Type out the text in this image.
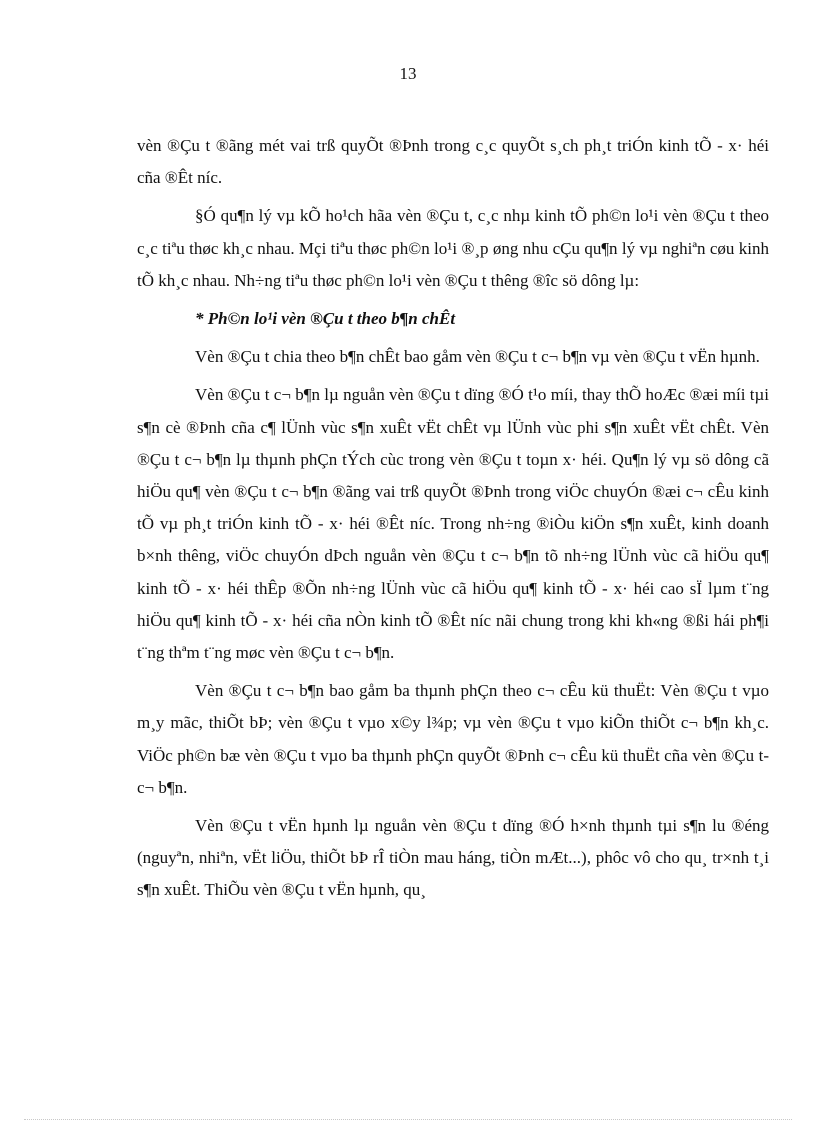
13

vèn ®Çu t ®ãng mét vai trß quyÕt ®Þnh trong c¸c quyÕt s¸ch ph¸t triÓn kinh tÕ - x· héi cña ®Êt níc.

§Ó qu¶n lý vµ kÕ ho¹ch hãa vèn ®Çu t, c¸c nhµ kinh tÕ ph©n lo¹i vèn ®Çu t theo c¸c tiªu thøc kh¸c nhau. Mçi tiªu thøc ph©n lo¹i ®¸p øng nhu cÇu qu¶n lý vµ nghiªn cøu kinh tÕ kh¸c nhau. Nh÷ng tiªu thøc ph©n lo¹i vèn ®Çu t thêng ®îc sö dông lµ:

* Ph©n lo¹i vèn ®Çu t theo b¶n chÊt

Vèn ®Çu t chia theo b¶n chÊt bao gåm vèn ®Çu t c¬ b¶n vµ vèn ®Çu t vËn hµnh.

Vèn ®Çu t c¬ b¶n lµ nguån vèn ®Çu t dïng ®Ó t¹o míi, thay thÕ hoÆc ®æi míi tµi s¶n cè ®Þnh cña c¶ lÜnh vùc s¶n xuÊt vËt chÊt vµ lÜnh vùc phi s¶n xuÊt vËt chÊt. Vèn ®Çu t c¬ b¶n lµ thµnh phÇn tÝch cùc trong vèn ®Çu t toµn x· héi. Qu¶n lý vµ sö dông cã hiÖu qu¶ vèn ®Çu t c¬ b¶n ®ãng vai trß quyÕt ®Þnh trong viÖc chuyÓn ®æi c¬ cÊu kinh tÕ vµ ph¸t triÓn kinh tÕ - x· héi ®Êt níc. Trong nh÷ng ®iÒu kiÖn s¶n xuÊt, kinh doanh b×nh thêng, viÖc chuyÓn dÞch nguån vèn ®Çu t c¬ b¶n tõ nh÷ng lÜnh vùc cã hiÖu qu¶ kinh tÕ - x· héi thÊp ®Õn nh÷ng lÜnh vùc cã hiÖu qu¶ kinh tÕ - x· héi cao sÏ lµm t¨ng hiÖu qu¶ kinh tÕ - x· héi cña nÒn kinh tÕ ®Êt níc nãi chung trong khi kh«ng ®ßi hái ph¶i t¨ng thªm t¨ng møc vèn ®Çu t c¬ b¶n.

Vèn ®Çu t c¬ b¶n bao gåm ba thµnh phÇn theo c¬ cÊu kü thuËt: Vèn ®Çu t vµo m¸y mãc, thiÕt bÞ; vèn ®Çu t vµo x©y l¾p; vµ vèn ®Çu t vµo kiÕn thiÕt c¬ b¶n kh¸c. ViÖc ph©n bæ vèn ®Çu t vµo ba thµnh phÇn quyÕt ®Þnh c¬ cÊu kü thuËt cña vèn ®Çu t c¬ b¶n.

Vèn ®Çu t vËn hµnh lµ nguån vèn ®Çu t dïng ®Ó h×nh thµnh tµi s¶n lu ®éng (nguyªn, nhiªn, vËt liÖu, thiÕt bÞ rÎ tiÒn mau háng, tiÒn mÆt...), phôc vô cho qu¸ tr×nh t¸i s¶n xuÊt. ThiÕu vèn ®Çu t vËn hµnh, qu¸
